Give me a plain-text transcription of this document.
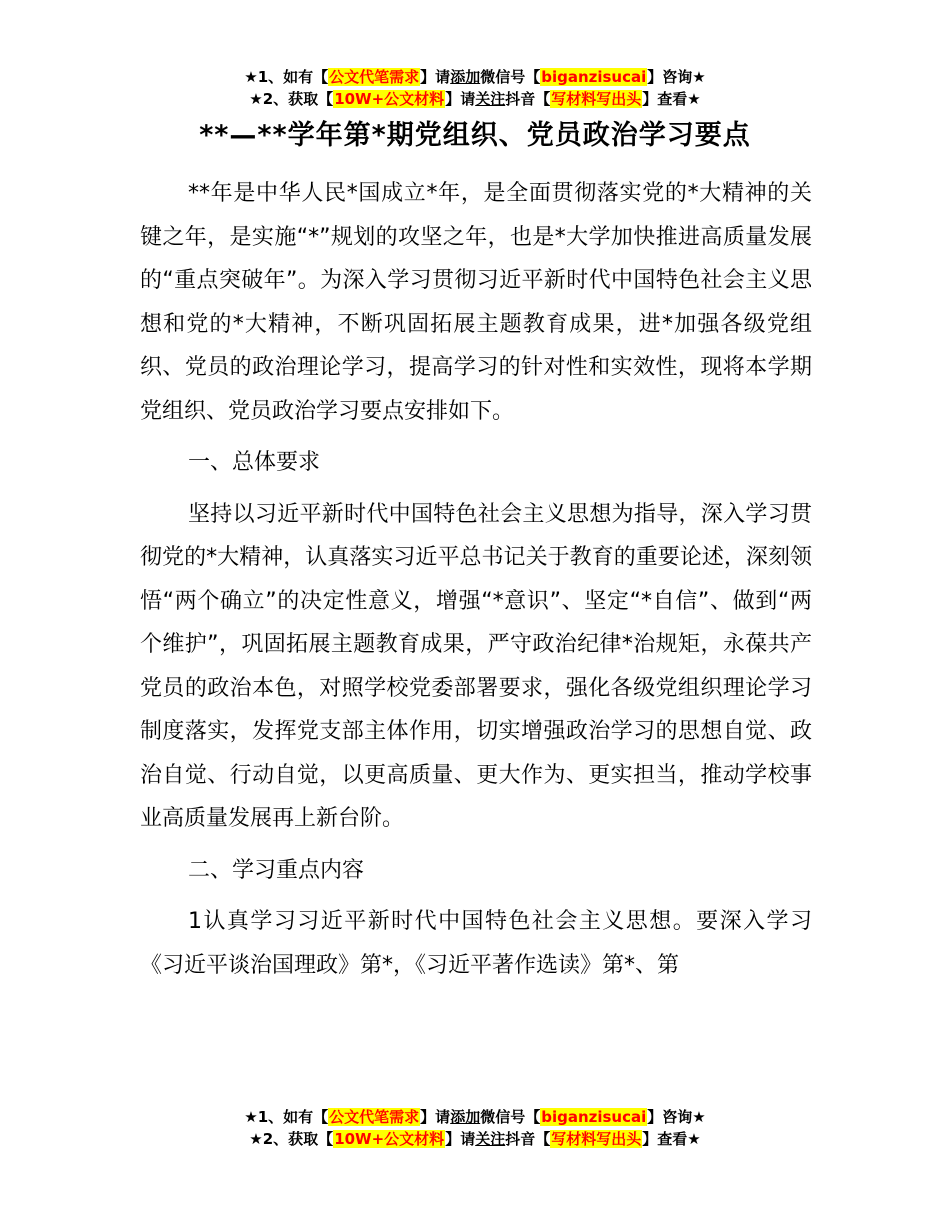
★1、如有【公文代笔需求】请添加微信号【biganzisucai】咨询★
★2、获取【10W+公文材料】请关注抖音【写材料写出头】查看★
**—**学年第*期党组织、党员政治学习要点

**年是中华人民*国成立*年，是全面贯彻落实党的*大精神的关键之年，是实施“*”规划的攻坚之年，也是*大学加快推进高质量发展的“重点突破年”。为深入学习贯彻习近平新时代中国特色社会主义思想和党的*大精神，不断巩固拓展主题教育成果，进*加强各级党组织、党员的政治理论学习，提高学习的针对性和实效性，现将本学期党组织、党员政治学习要点安排如下。

一、总体要求

坚持以习近平新时代中国特色社会主义思想为指导，深入学习贯彻党的*大精神，认真落实习近平总书记关于教育的重要论述，深刻领悟“两个确立”的决定性意义，增强“*意识”、坚定“*自信”、做到“两个维护”，巩固拓展主题教育成果，严守政治纪律*治规矩，永葆共产党员的政治本色，对照学校党委部署要求，强化各级党组织理论学习制度落实，发挥党支部主体作用，切实增强政治学习的思想自觉、政治自觉、行动自觉，以更高质量、更大作为、更实担当，推动学校事业高质量发展再上新台阶。

二、学习重点内容

1认真学习习近平新时代中国特色社会主义思想。要深入学习《习近平谈治国理政》第*，《习近平著作选读》第*、第

★1、如有【公文代笔需求】请添加微信号【biganzisucai】咨询★
★2、获取【10W+公文材料】请关注抖音【写材料写出头】查看★
